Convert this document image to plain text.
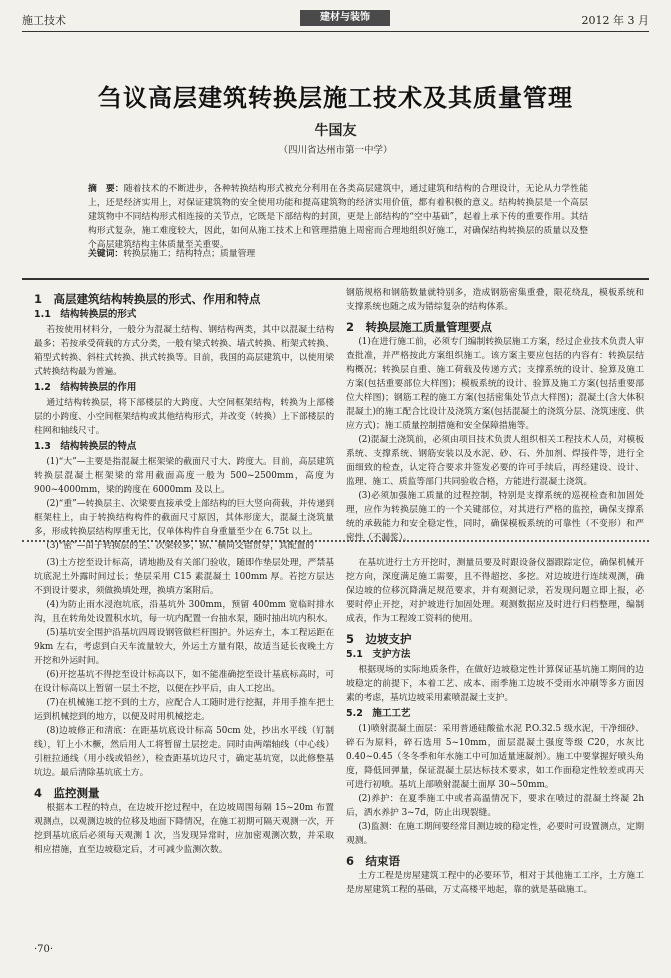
施工技术	建材与装饰	2012 年 3 月
刍议高层建筑转换层施工技术及其质量管理
牛国友
（四川省达州市第一中学）
摘　要：随着技术的不断进步，各种转换结构形式被充分利用在各类高层建筑中，通过建筑和结构的合理设计，无论从力学性能上，还是经济实用上，对保证建筑物的安全使用功能和提高建筑物的经济实用价值，都有着积极的意义。结构转换层是一个高层建筑物中不同结构形式相连接的关节点，它既是下部结构的封顶，更是上部结构的“空中基础”，起着上承下传的重要作用。其结构形式复杂，施工难度较大，因此，如何从施工技术上和管理措施上周密而合理地组织好施工，对确保结构转换层的质量以及整个高层建筑结构主体质量至关重要。
关键词：转换层施工；结构特点；质量管理
1　高层建筑结构转换层的形式、作用和特点
1.1　结构转换层的形式

若按使用材料分，一般分为混凝土结构、钢结构两类，其中以混凝土结构最多；若按承受荷载的方式分类，一般有梁式转换、墙式转换、桁架式转换、箱型式转换、斜柱式转换、拱式转换等。目前，我国的高层建筑中，以使用梁式转换结构最为普遍。

1.2　结构转换层的作用

通过结构转换层，将下部楼层的大跨度、大空间框架结构，转换为上部楼层的小跨度、小空间框架结构或其他结构形式，并改变（转换）上下部楼层的柱网和轴线尺寸。

1.3　结构转换层的特点

(1)“大”—主要是指混凝土框架梁的截面尺寸大、跨度大。目前，高层建筑转换层混凝土框架梁的常用截面高度一般为 500~2500mm，高度为 900~4000mm，梁的跨度在 6000mm 及以上。

(2)“重”—转换层主、次梁要直接承受上部结构的巨大竖向荷载，并传递到框架柱上，由于转换结构构件的截面尺寸原因，其体形庞大，混凝土浇筑量多，形成转换层结构厚重无比，仅单体构件自身重量至少在 6.75t 以上。

(3)“密”—由于转换层的主、次梁较多，纵、横向交错贯穿，其配置的

钢筋规格和钢筋数量就特别多，造成钢筋密集重叠，限花绕乱，模板系统和支撑系统也随之成为错综复杂的结构体系。

2　转换层施工质量管理要点

(1)在进行施工前，必须专门编制转换层施工方案，经过企业技术负责人审查批准，并严格按此方案组织施工。该方案主要应包括的内容有：转换层结构概况；转换层自重、施工荷载及传递方式；支撑系统的设计、验算及施工方案(包括重要部位大样图)；模板系统的设计、验算及施工方案(包括重要部位大样图)；钢筋工程的施工方案(包括密集处节点大样图)；混凝土(含大体积混凝土)的施工配合比设计及浇筑方案(包括混凝土的浇筑分层、浇筑速度、供应方式)；施工质量控制措施和安全保障措施等。

(2)混凝土浇筑前，必须由项目技术负责人组织相关工程技术人员，对模板系统、支撑系统、钢筋安装以及水泥、砂、石、外加剂、焊接件等，进行全面细致的检查，认定符合要求并签发必要的许可手续后，再经建设、设计、监理、施工、质监等部门共同验收合格，方能进行混凝土浇筑。

(3)必须加强施工质量的过程控制，特别是支撑系统的巡视检查和加固处理，应作为转换层施工的一个关键部位，对其进行严格的监控，确保支撑系统的承载能力和安全稳定性，同时，确保模板系统的可靠性（不变形）和严密性（不漏浆）。

(3)土方挖至设计标高，请地勘及有关部门验收，随即作垫层处理，严禁基坑底泥土外露时间过长；垫层采用 C15 素混凝土 100mm 厚。若挖方层达不到设计要求，须做换填处理，换填方案附后。

(4)为防止雨水浸泡坑底，沿基坑外 300mm，预留 400mm 宽临时排水沟，且在转角处设置积水坑，每一坑内配置一台抽水泵，随时抽出坑内积水。

(5)基坑安全围护沿基坑四周设钢管做栏杆围护。外运弃土，本工程运距在 9km 左右，考虑到白天车流量较大，外运土方量有限，故适当延长夜晚土方开挖和外运时间。

(6)开挖基坑不得挖至设计标高以下，如不能准确挖至设计基底标高时，可在设计标高以上暂留一层土不挖，以便在抄平后，由人工挖出。

(7)在机械施工挖不到的土方，应配合人工随时进行挖掘，并用手推车把土运到机械挖到的地方，以便及时用机械挖走。

(8)边坡修正和清底：在距基坑底设计标高 50cm 处，抄出水平线（钉制线），钉上小木橛，然后用人工将暂留土层挖走。同时由两端轴线（中心线）引桩拉通线（用小线或铅丝），检查距基坑边尺寸，确定基坑宽，以此修整基坑边。最后清除基坑底土方。

4　监控测量

根据本工程的特点，在边坡开挖过程中，在边坡周围每隔 15~20m 布置观测点，以观测边坡的位移及地面下降情况，在施工初期可隔天观测一次，开挖到基坑底后必须每天观测 1 次，当发现异常时，应加密观测次数，并采取相应措施，直至边坡稳定后，才可减少监测次数。

在基坑进行土方开挖时，测量员要及时跟设备仪器跟踪定位，确保机械开挖方向，深度满足施工需要，且不得超挖、多挖。对边坡进行连续观测，确保边坡的位移沉降满足规范要求，并有观测记录，若发现问题立即上报，必要时停止开挖，对护坡进行加固处理。观测数据应及时进行归档整理，编制成表，作为工程竣工资料的使用。

5　边坡支护
5.1　支护方法

根据现场的实际地质条件，在做好边坡稳定性计算保证基坑施工期间的边坡稳定的前提下，本着工艺、成本、雨季施工边坡不受雨水冲刷等多方面因素的考虑，基坑边坡采用素喷混凝土支护。

5.2　施工工艺

(1)喷射混凝土面层：采用普通硅酸盐水泥 P.O.32.5 级水泥，干净细砂、碎石为原料，碎石选用 5~10mm，面层混凝土强度等级 C20，水灰比 0.40~0.45（冬冬季和年水施工中可加适量速凝剂）。施工中要掌握好喷头角度，降低回弹量，保证混凝土层达标技术要求，如工作面稳定性较差或再天可进行初喷。基坑上部喷射混凝土面厚 30~50mm。

(2)养护：在夏季施工中或者高温情况下，要求在喷过的混凝土终凝 2h 后，洒水养护 3~7d，防止出现裂缝。

(3)监测：在施工期间要经常目测边坡的稳定性，必要时可设置测点，定期观测。

6　结束语

土方工程是房屋建筑工程中的必要环节，相对于其他施工工序，土方施工是房屋建筑工程的基础，万丈高楼平地起，靠的就是基础施工。

·70·
